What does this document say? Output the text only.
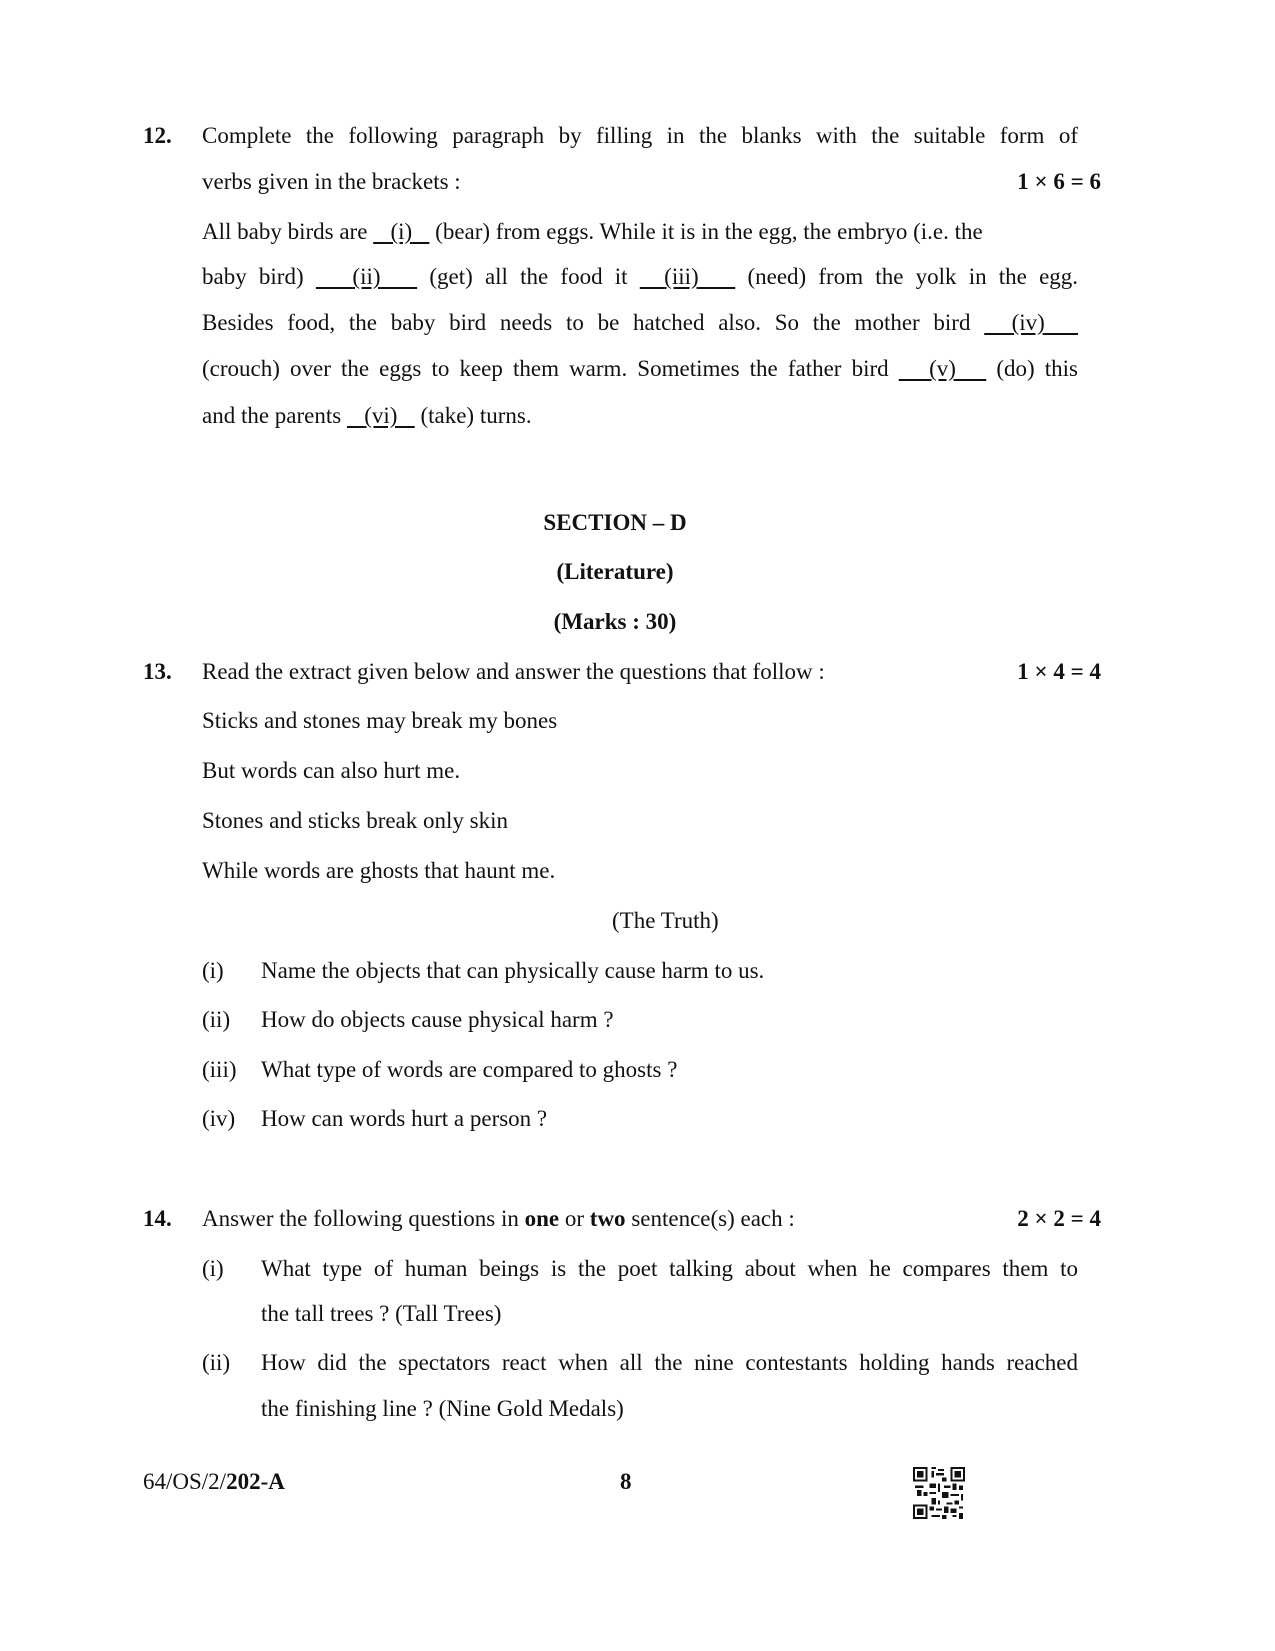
12. Complete the following paragraph by filling in the blanks with the suitable form of
verbs given in the brackets :	1 × 6 = 6
All baby birds are (i) (bear) from eggs. While it is in the egg, the embryo (i.e. the
baby bird) (ii) (get) all the food it (iii) (need) from the yolk in the egg.
Besides food, the baby bird needs to be hatched also. So the mother bird (iv)
(crouch) over the eggs to keep them warm. Sometimes the father bird (v) (do) this
and the parents (vi) (take) turns.
SECTION – D
(Literature)
(Marks : 30)
13. Read the extract given below and answer the questions that follow :	1 × 4 = 4
Sticks and stones may break my bones
But words can also hurt me.
Stones and sticks break only skin
While words are ghosts that haunt me.
(The Truth)
(i) Name the objects that can physically cause harm to us.
(ii) How do objects cause physical harm ?
(iii) What type of words are compared to ghosts ?
(iv) How can words hurt a person ?
14. Answer the following questions in one or two sentence(s) each :	2 × 2 = 4
(i) What type of human beings is the poet talking about when he compares them to
the tall trees ? (Tall Trees)
(ii) How did the spectators react when all the nine contestants holding hands reached
the finishing line ? (Nine Gold Medals)
64/OS/2/202-A	8
